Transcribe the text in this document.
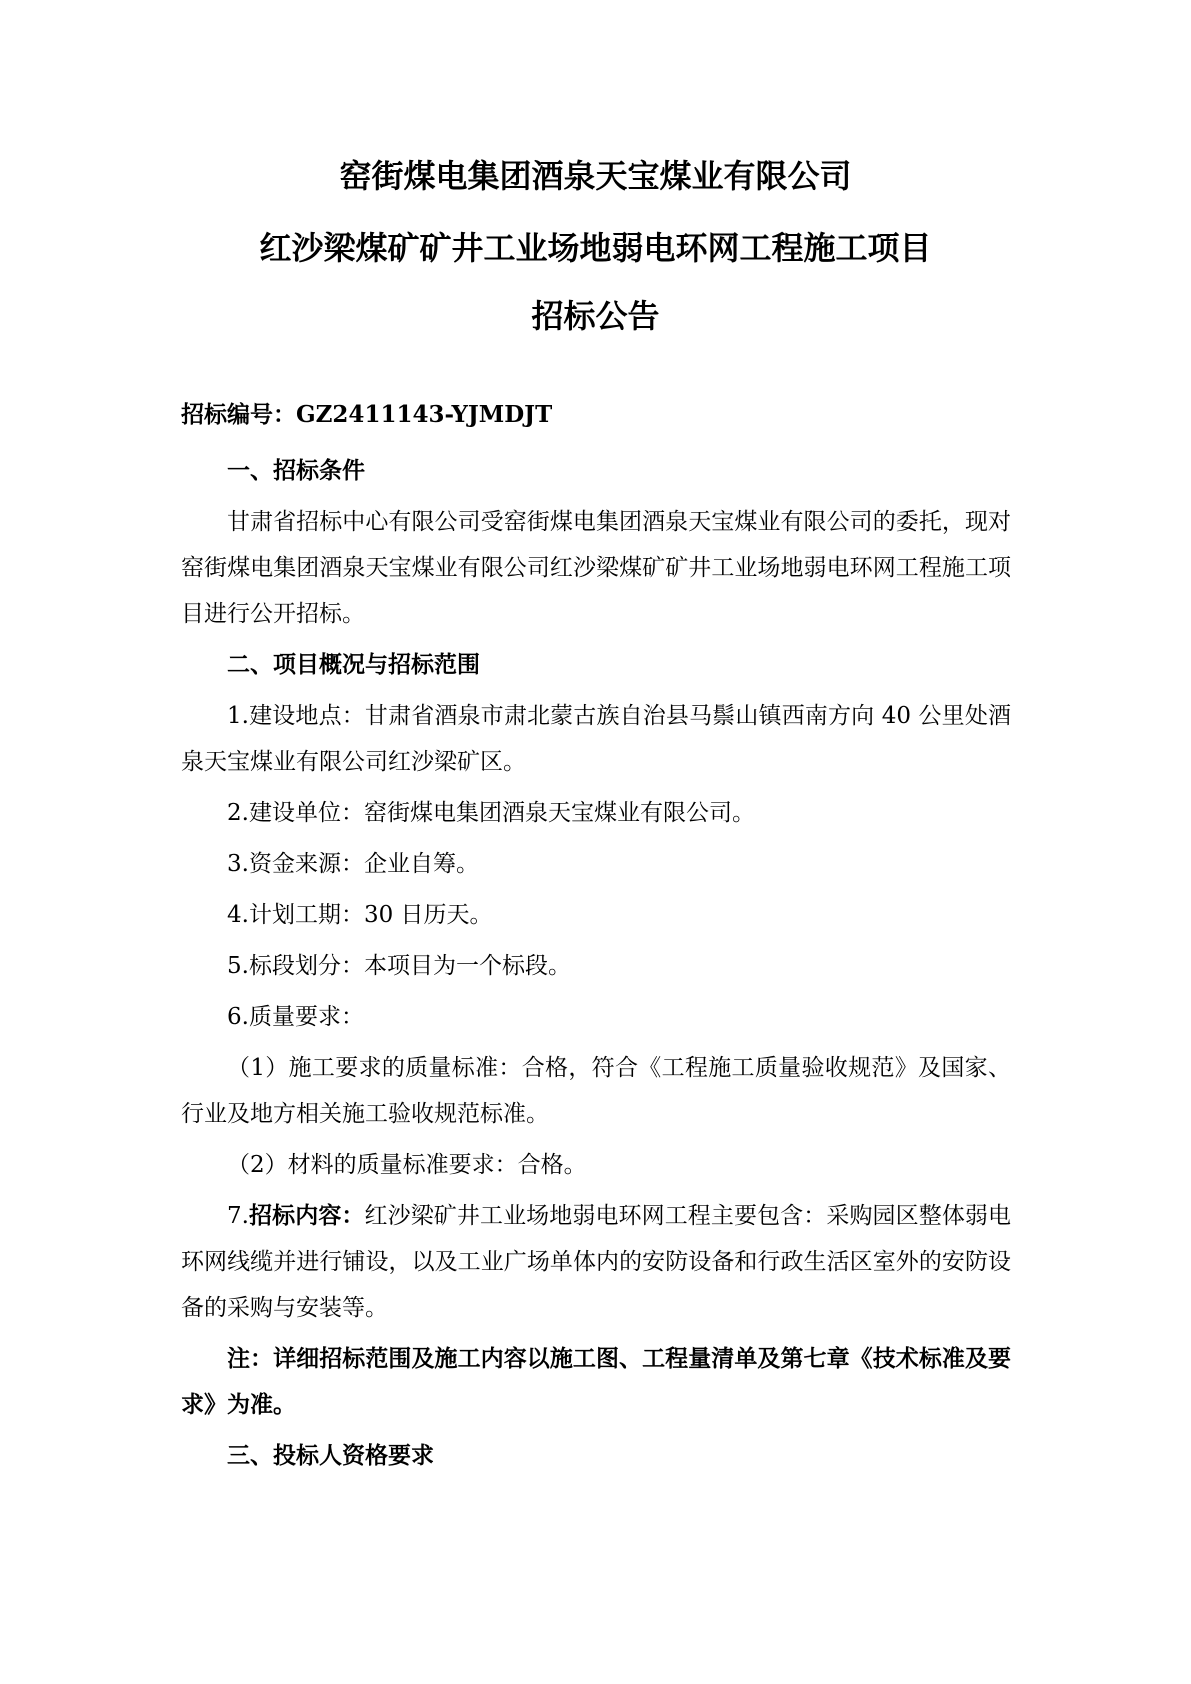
窑街煤电集团酒泉天宝煤业有限公司
红沙梁煤矿矿井工业场地弱电环网工程施工项目
招标公告

招标编号：GZ2411143-YJMDJT

一、招标条件

甘肃省招标中心有限公司受窑街煤电集团酒泉天宝煤业有限公司的委托，现对窑街煤电集团酒泉天宝煤业有限公司红沙梁煤矿矿井工业场地弱电环网工程施工项目进行公开招标。

二、项目概况与招标范围

1.建设地点：甘肃省酒泉市肃北蒙古族自治县马鬃山镇西南方向 40 公里处酒泉天宝煤业有限公司红沙梁矿区。

2.建设单位：窑街煤电集团酒泉天宝煤业有限公司。

3.资金来源：企业自筹。

4.计划工期：30 日历天。

5.标段划分：本项目为一个标段。

6.质量要求：

（1）施工要求的质量标准：合格，符合《工程施工质量验收规范》及国家、行业及地方相关施工验收规范标准。

（2）材料的质量标准要求：合格。

7.招标内容：红沙梁矿井工业场地弱电环网工程主要包含：采购园区整体弱电环网线缆并进行铺设，以及工业广场单体内的安防设备和行政生活区室外的安防设备的采购与安装等。

注：详细招标范围及施工内容以施工图、工程量清单及第七章《技术标准及要求》为准。

三、投标人资格要求
